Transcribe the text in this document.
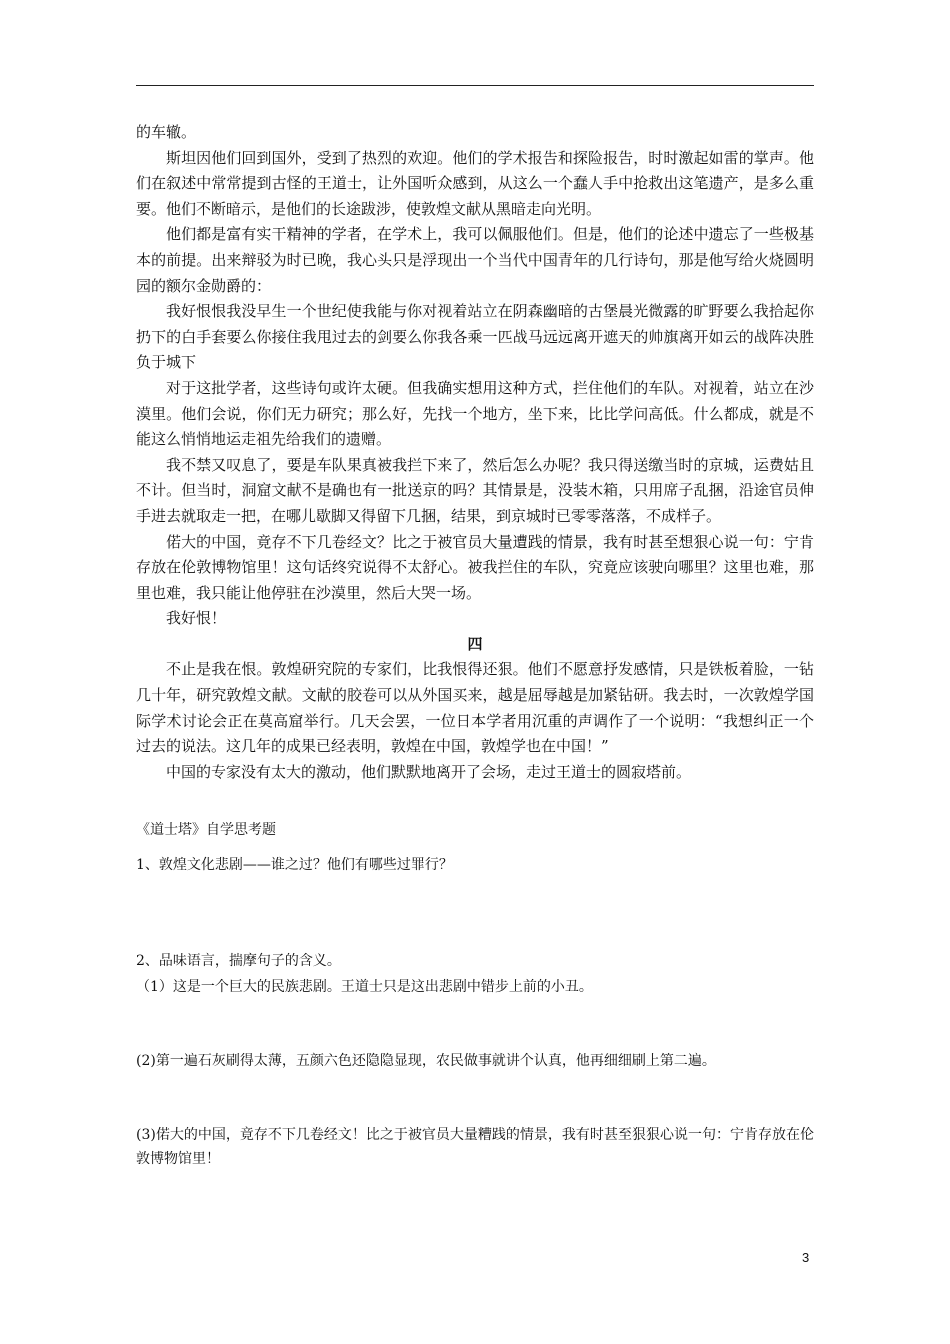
的车辙。

斯坦因他们回到国外，受到了热烈的欢迎。他们的学术报告和探险报告，时时激起如雷的掌声。他们在叙述中常常提到古怪的王道士，让外国听众感到，从这么一个蠢人手中抢救出这笔遗产，是多么重要。他们不断暗示，是他们的长途跋涉，使敦煌文献从黑暗走向光明。

他们都是富有实干精神的学者，在学术上，我可以佩服他们。但是，他们的论述中遗忘了一些极基本的前提。出来辩驳为时已晚，我心头只是浮现出一个当代中国青年的几行诗句，那是他写给火烧圆明园的额尔金勋爵的：

我好恨恨我没早生一个世纪使我能与你对视着站立在阴森幽暗的古堡晨光微露的旷野要么我拾起你扔下的白手套要么你接住我甩过去的剑要么你我各乘一匹战马远远离开遮天的帅旗离开如云的战阵决胜负于城下

对于这批学者，这些诗句或许太硬。但我确实想用这种方式，拦住他们的车队。对视着，站立在沙漠里。他们会说，你们无力研究；那么好，先找一个地方，坐下来，比比学问高低。什么都成，就是不能这么悄悄地运走祖先给我们的遗赠。

我不禁又叹息了，要是车队果真被我拦下来了，然后怎么办呢？我只得送缴当时的京城，运费姑且不计。但当时，洞窟文献不是确也有一批送京的吗？其情景是，没装木箱，只用席子乱捆，沿途官员伸手进去就取走一把，在哪儿歇脚又得留下几捆，结果，到京城时已零零落落，不成样子。

偌大的中国，竟存不下几卷经文？比之于被官员大量遭践的情景，我有时甚至想狠心说一句：宁肯存放在伦敦博物馆里！这句话终究说得不太舒心。被我拦住的车队，究竟应该驶向哪里？这里也难，那里也难，我只能让他停驻在沙漠里，然后大哭一场。

我好恨！

四

不止是我在恨。敦煌研究院的专家们，比我恨得还狠。他们不愿意抒发感情，只是铁板着脸，一钻几十年，研究敦煌文献。文献的胶卷可以从外国买来，越是屈辱越是加紧钻研。我去时，一次敦煌学国际学术讨论会正在莫高窟举行。几天会罢，一位日本学者用沉重的声调作了一个说明：“我想纠正一个过去的说法。这几年的成果已经表明，敦煌在中国，敦煌学也在中国！”

中国的专家没有太大的激动，他们默默地离开了会场，走过王道士的圆寂塔前。

《道士塔》自学思考题

1、敦煌文化悲剧——谁之过？他们有哪些过罪行？

2、品味语言，揣摩句子的含义。

（1）这是一个巨大的民族悲剧。王道士只是这出悲剧中错步上前的小丑。

(2)第一遍石灰刷得太薄，五颜六色还隐隐显现，农民做事就讲个认真，他再细细刷上第二遍。

(3)偌大的中国，竟存不下几卷经文！比之于被官员大量糟践的情景，我有时甚至狠狠心说一句：宁肯存放在伦敦博物馆里！

3
